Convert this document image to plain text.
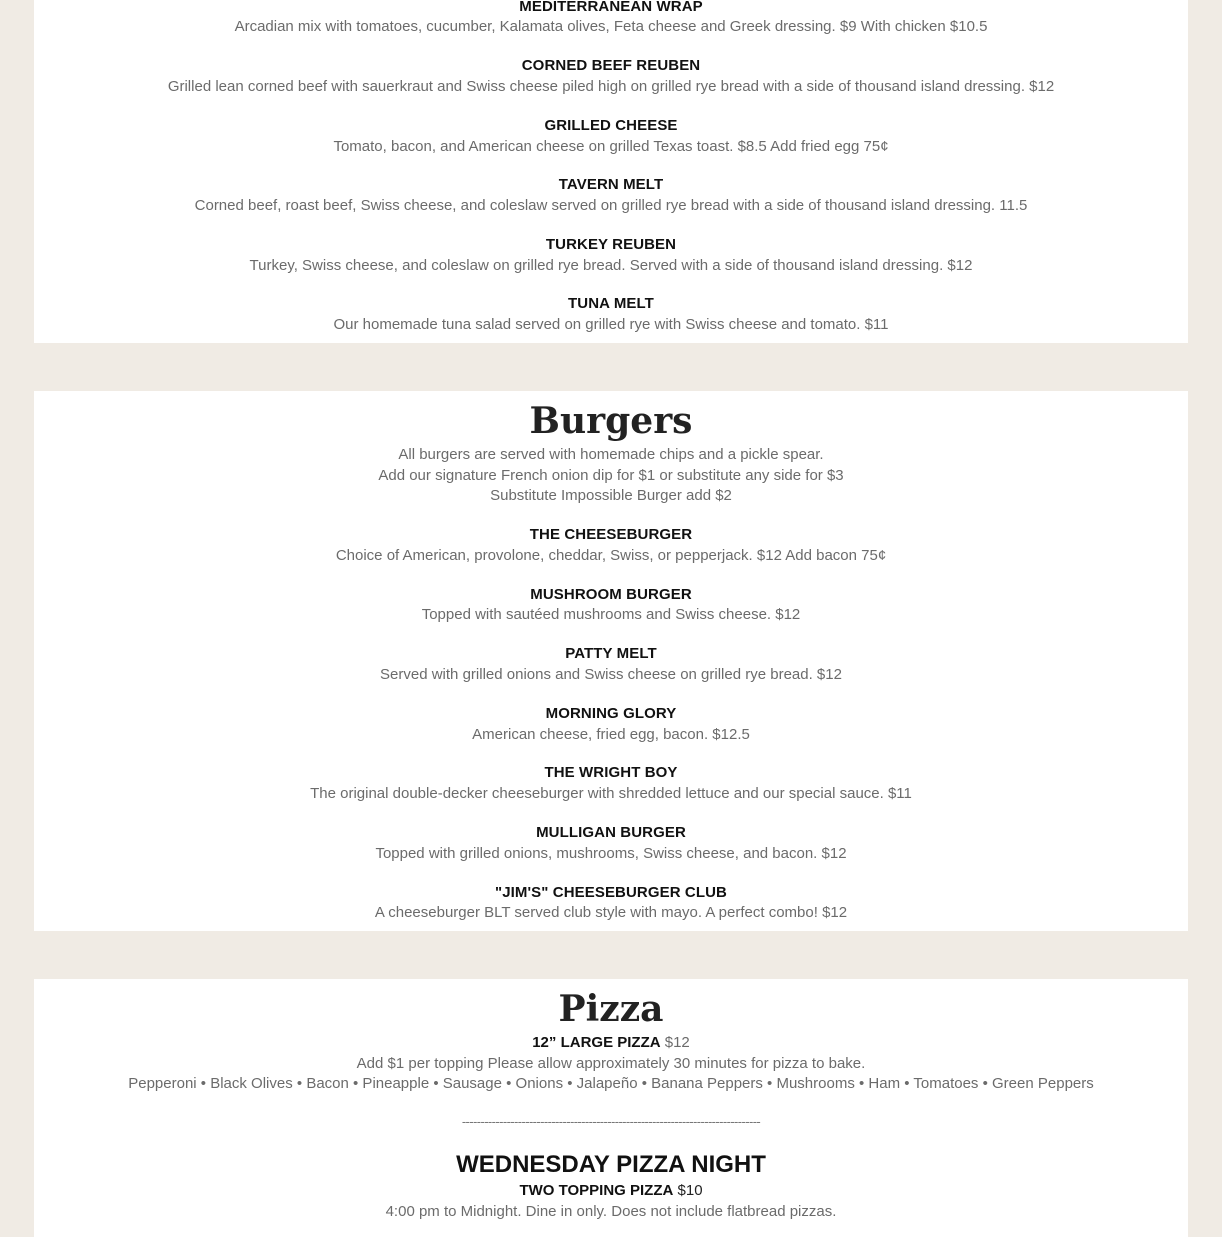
MEDITERRANEAN WRAP
Arcadian mix with tomatoes, cucumber, Kalamata olives, Feta cheese and Greek dressing. $9 With chicken $10.5
CORNED BEEF REUBEN
Grilled lean corned beef with sauerkraut and Swiss cheese piled high on grilled rye bread with a side of thousand island dressing. $12
GRILLED CHEESE
Tomato, bacon, and American cheese on grilled Texas toast. $8.5 Add fried egg 75¢
TAVERN MELT
Corned beef, roast beef, Swiss cheese, and coleslaw served on grilled rye bread with a side of thousand island dressing. 11.5
TURKEY REUBEN
Turkey, Swiss cheese, and coleslaw on grilled rye bread. Served with a side of thousand island dressing. $12
TUNA MELT
Our homemade tuna salad served on grilled rye with Swiss cheese and tomato. $11
Burgers
All burgers are served with homemade chips and a pickle spear.
Add our signature French onion dip for $1 or substitute any side for $3
Substitute Impossible Burger add $2
THE CHEESEBURGER
Choice of American, provolone, cheddar, Swiss, or pepperjack. $12 Add bacon 75¢
MUSHROOM BURGER
Topped with sautéed mushrooms and Swiss cheese. $12
PATTY MELT
Served with grilled onions and Swiss cheese on grilled rye bread. $12
MORNING GLORY
American cheese, fried egg, bacon. $12.5
THE WRIGHT BOY
The original double-decker cheeseburger with shredded lettuce and our special sauce. $11
MULLIGAN BURGER
Topped with grilled onions, mushrooms, Swiss cheese, and bacon. $12
"JIM'S" CHEESEBURGER CLUB
A cheeseburger BLT served club style with mayo. A perfect combo! $12
Pizza
12” LARGE PIZZA $12
Add $1 per topping Please allow approximately 30 minutes for pizza to bake.
Pepperoni • Black Olives • Bacon • Pineapple • Sausage • Onions • Jalapeño • Banana Peppers • Mushrooms • Ham • Tomatoes • Green Peppers
--------------------------------------------------------------------------------
WEDNESDAY PIZZA NIGHT
TWO TOPPING PIZZA $10
4:00 pm to Midnight. Dine in only. Does not include flatbread pizzas.
